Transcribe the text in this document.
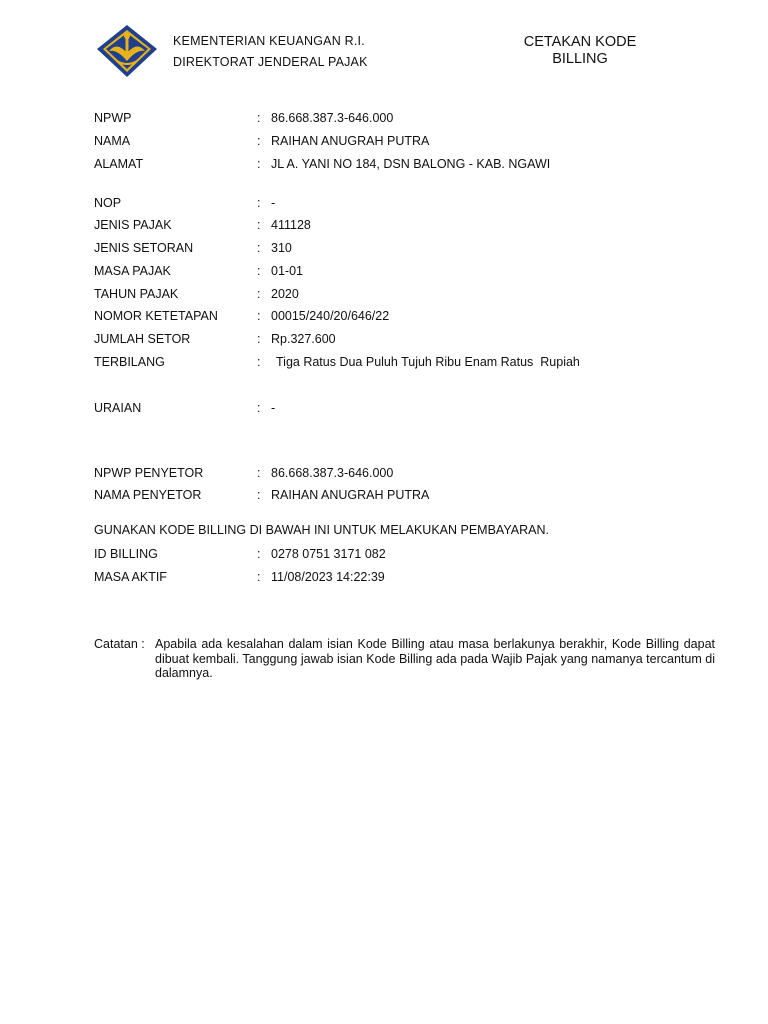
KEMENTERIAN KEUANGAN R.I.
DIREKTORAT JENDERAL PAJAK
CETAKAN KODE
BILLING
NPWP	: 86.668.387.3-646.000
NAMA	: RAIHAN ANUGRAH PUTRA
ALAMAT	: JL A. YANI NO 184, DSN BALONG - KAB. NGAWI
NOP	: -
JENIS PAJAK	: 411128
JENIS SETORAN	: 310
MASA PAJAK	: 01-01
TAHUN PAJAK	: 2020
NOMOR KETETAPAN	: 00015/240/20/646/22
JUMLAH SETOR	: Rp.327.600
TERBILANG	: Tiga Ratus Dua Puluh Tujuh Ribu Enam Ratus  Rupiah
URAIAN	: -
NPWP PENYETOR	: 86.668.387.3-646.000
NAMA PENYETOR	: RAIHAN ANUGRAH PUTRA
GUNAKAN KODE BILLING DI BAWAH INI UNTUK MELAKUKAN PEMBAYARAN.
ID BILLING	: 0278 0751 3171 082
MASA AKTIF	: 11/08/2023 14:22:39
Catatan : Apabila ada kesalahan dalam isian Kode Billing atau masa berlakunya berakhir, Kode Billing dapat dibuat kembali. Tanggung jawab isian Kode Billing ada pada Wajib Pajak yang namanya tercantum di dalamnya.
